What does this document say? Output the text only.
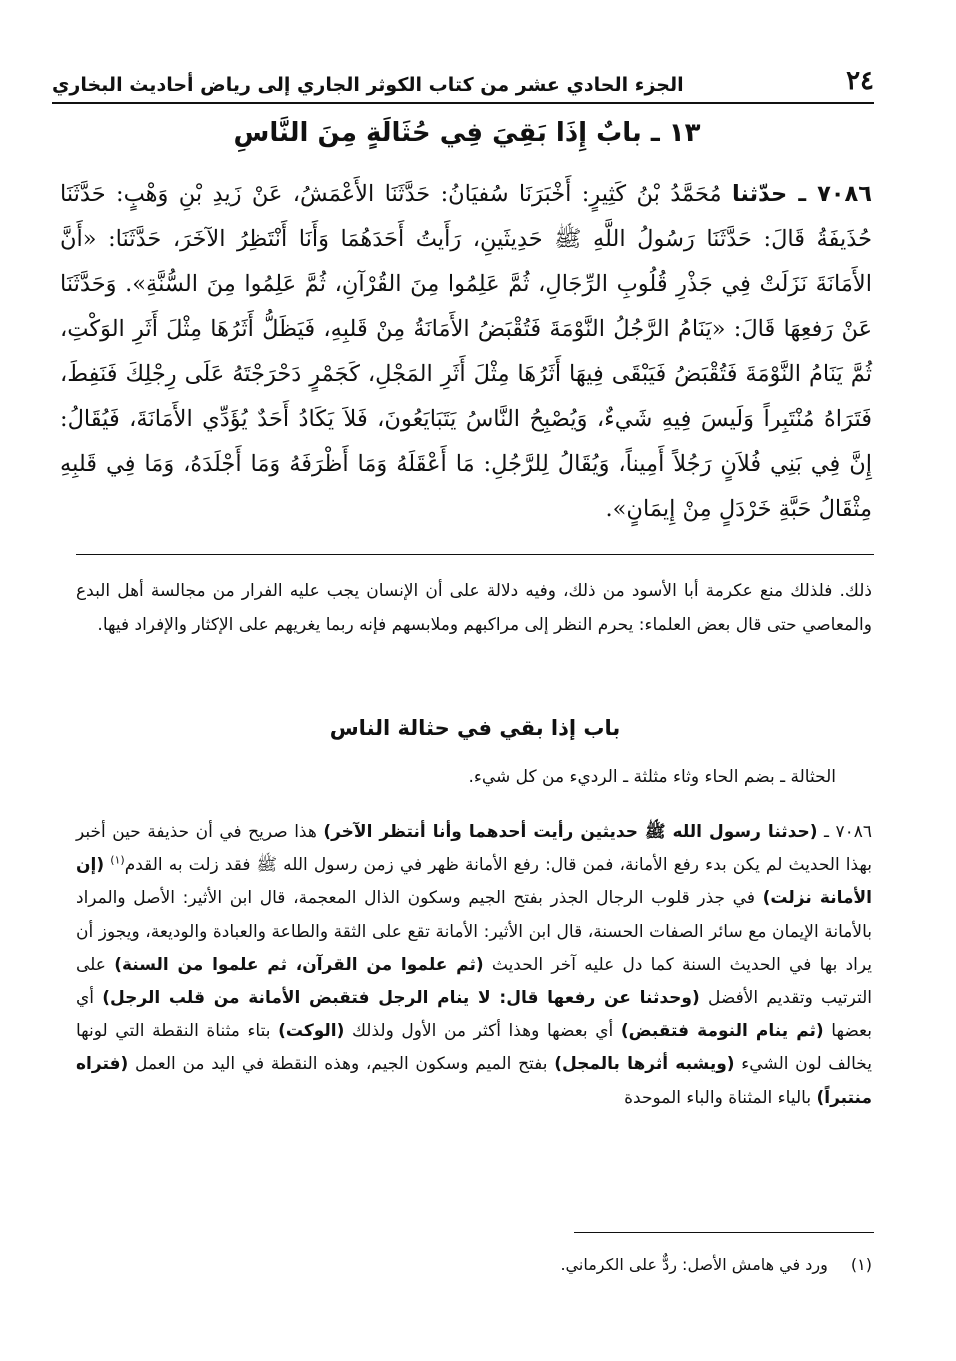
٢٤
الجزء الحادي عشر من كتاب الكوثر الجاري إلى رياض أحاديث البخاري
١٣ ـ بابٌ إِذَا بَقِيَ فِي حُثَالَةٍ مِنَ النَّاسِ
٧٠٨٦ ـ حدّثنا مُحَمَّدُ بْنُ كَثِيرٍ: أَخْبَرَنَا سُفيَانُ: حَدَّثَنَا الأَعْمَشُ، عَنْ زَيدِ بْنِ وَهْبٍ: حَدَّثَنَا حُذَيفَةُ قَالَ: حَدَّثَنَا رَسُولُ اللَّهِ ﷺ حَدِيثَينِ، رَأَيتُ أَحَدَهُمَا وَأَنَا أَنْتَظِرُ الآخَرَ، حَدَّثَنَا: «أَنَّ الأَمَانَةَ نَزَلَتْ فِي جَذْرِ قُلُوبِ الرِّجَالِ، ثُمَّ عَلِمُوا مِنَ القُرْآنِ، ثُمَّ عَلِمُوا مِنَ السُّنَّةِ». وَحَدَّثَنَا عَنْ رَفعِهَا قَالَ: «يَنَامُ الرَّجُلُ النَّوْمَةَ فَتُقْبَضُ الأَمَانَةُ مِنْ قَلبِهِ، فَيَظَلُّ أَثَرُهَا مِثْلَ أَثَرِ الوَكْتِ، ثُمَّ يَنَامُ النَّوْمَةَ فَتُقْبَضُ فَيَبْقَى فِيهَا أَثَرُهَا مِثْلَ أَثَرِ المَجْلِ، كَجَمْرٍ دَحْرَجْتَهُ عَلَى رِجْلِكَ فَنَفِطَ، فَتَرَاهُ مُنْتَبِراً وَلَيسَ فِيهِ شَيءٌ، وَيُصْبِحُ النَّاسُ يَتَبَايَعُونَ، فَلاَ يَكَادُ أَحَدٌ يُؤَدِّي الأَمَانَةَ، فَيُقَالُ: إِنَّ فِي بَنِي فُلاَنٍ رَجُلاً أَمِيناً، وَيُقَالُ لِلرَّجُلِ: مَا أَعْقَلَهُ وَمَا أَظْرَفَهُ وَمَا أَجْلَدَهُ، وَمَا فِي قَلبِهِ مِثْقَالُ حَبَّةِ خَرْدَلٍ مِنْ إِيمَانٍ».
ذلك. فلذلك منع عكرمة أبا الأسود من ذلك، وفيه دلالة على أن الإنسان يجب عليه الفرار من مجالسة أهل البدع والمعاصي حتى قال بعض العلماء: يحرم النظر إلى مراكبهم وملابسهم فإنه ربما يغريهم على الإكثار والإفراد فيها.
باب إذا بقي في حثالة الناس
الحثالة ـ بضم الحاء وثاء مثلثة ـ الرديء من كل شيء.
٧٠٨٦ ـ (حدثنا رسول الله ﷺ حديثين رأيت أحدهما وأنا أنتظر الآخر) هذا صريح في أن حذيفة حين أخبر بهذا الحديث لم يكن بدء رفع الأمانة، فمن قال: رفع الأمانة ظهر في زمن رسول الله ﷺ فقد زلت به القدم$^{(١)}$ (إن الأمانة نزلت) في جذر قلوب الرجال الجذر بفتح الجيم وسكون الذال المعجمة، قال ابن الأثير: الأصل والمراد بالأمانة الإيمان مع سائر الصفات الحسنة، قال ابن الأثير: الأمانة تقع على الثقة والطاعة والعبادة والوديعة، ويجوز أن يراد بها في الحديث السنة كما دل عليه آخر الحديث (ثم علموا من القرآن، ثم علموا من السنة) على الترتيب وتقديم الأفضل (وحدثنا عن رفعها قال: لا ينام الرجل فتقبض الأمانة من قلب الرجل) أي بعضها (ثم ينام النومة فتقبض) أي بعضها وهذا أكثر من الأول ولذلك (الوكت) بتاء مثناة النقطة التي لونها يخالف لون الشيء (ويشبه أثرها بالمجل) بفتح الميم وسكون الجيم، وهذه النقطة في اليد من العمل (فتراه منتبراً) بالياء المثناة والباء الموحدة
(١) ورد في هامش الأصل: ردٌّ على الكرماني.
